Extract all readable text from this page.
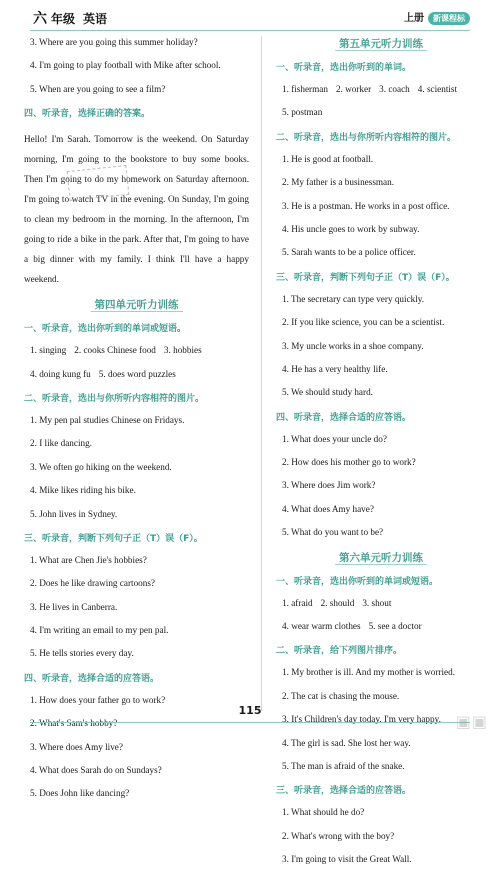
六 年级 英语	上册 新课程标
3. Where are you going this summer holiday?
4. I'm going to play football with Mike after school.
5. When are you going to see a film?
四、听录音，选择正确的答案。
Hello! I'm Sarah. Tomorrow is the weekend. On Saturday morning, I'm going to the bookstore to buy some books. Then I'm going to do my homework on Saturday afternoon. I'm going to watch TV in the evening. On Sunday, I'm going to clean my bedroom in the morning. In the afternoon, I'm going to ride a bike in the park. After that, I'm going to have a big dinner with my family. I think I'll have a happy weekend.
第四单元听力训练
一、听录音，选出你听到的单词或短语。
1. singing 2. cooks Chinese food 3. hobbies
4. doing kung fu 5. does word puzzles
二、听录音，选出与你所听内容相符的图片。
1. My pen pal studies Chinese on Fridays.
2. I like dancing.
3. We often go hiking on the weekend.
4. Mike likes riding his bike.
5. John lives in Sydney.
三、听录音，判断下列句子正（T）误（F）。
1. What are Chen Jie's hobbies?
2. Does he like drawing cartoons?
3. He lives in Canberra.
4. I'm writing an email to my pen pal.
5. He tells stories every day.
四、听录音，选择合适的应答语。
1. How does your father go to work?
2. What's Sam's hobby?
3. Where does Amy live?
4. What does Sarah do on Sundays?
5. Does John like dancing?
第五单元听力训练
一、听录音，选出你听到的单词。
1. fisherman 2. worker 3. coach 4. scientist
5. postman
二、听录音，选出与你所听内容相符的图片。
1. He is good at football.
2. My father is a businessman.
3. He is a postman. He works in a post office.
4. His uncle goes to work by subway.
5. Sarah wants to be a police officer.
三、听录音，判断下列句子正（T）误（F）。
1. The secretary can type very quickly.
2. If you like science, you can be a scientist.
3. My uncle works in a shoe company.
4. He has a very healthy life.
5. We should study hard.
四、听录音，选择合适的应答语。
1. What does your uncle do?
2. How does his mother go to work?
3. Where does Jim work?
4. What does Amy have?
5. What do you want to be?
第六单元听力训练
一、听录音，选出你听到的单词或短语。
1. afraid 2. should 3. shout
4. wear warm clothes 5. see a doctor
二、听录音，给下列图片排序。
1. My brother is ill. And my mother is worried.
2. The cat is chasing the mouse.
3. It's Children's day today. I'm very happy.
4. The girl is sad. She lost her way.
5. The man is afraid of the snake.
三、听录音，选择合适的应答语。
1. What should he do?
2. What's wrong with the boy?
3. I'm going to visit the Great Wall.
115
▣▣
